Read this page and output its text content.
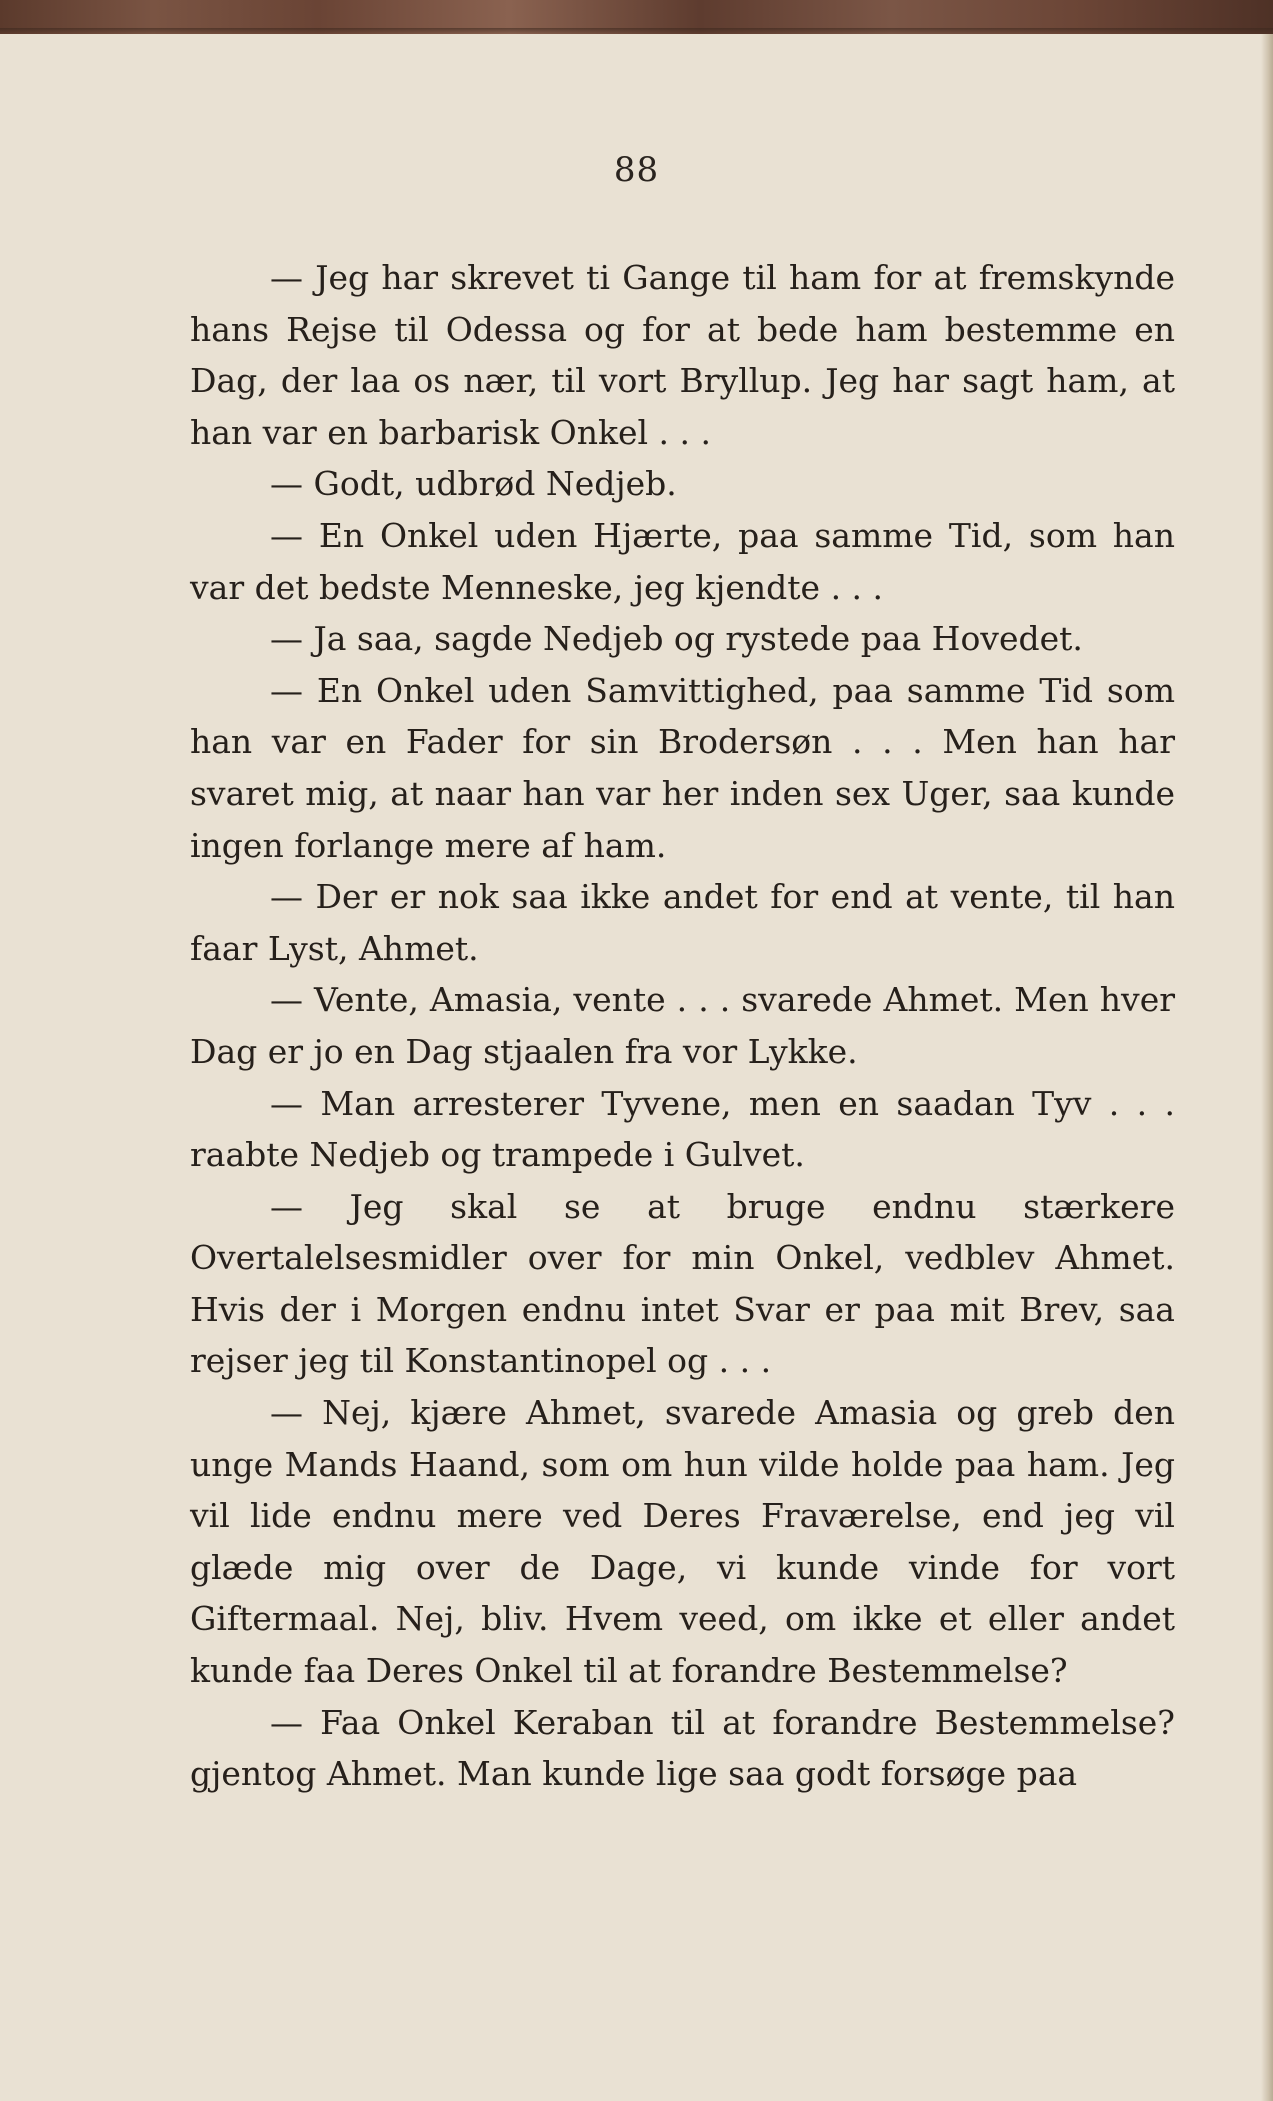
88

— Jeg har skrevet ti Gange til ham for at fremskynde hans Rejse til Odessa og for at bede ham bestemme en Dag, der laa os nær, til vort Bryllup. Jeg har sagt ham, at han var en barbarisk Onkel . . .

— Godt, udbrød Nedjeb.

— En Onkel uden Hjærte, paa samme Tid, som han var det bedste Menneske, jeg kjendte . . .

— Ja saa, sagde Nedjeb og rystede paa Hovedet.

— En Onkel uden Samvittighed, paa samme Tid som han var en Fader for sin Brodersøn . . . Men han har svaret mig, at naar han var her inden sex Uger, saa kunde ingen forlange mere af ham.

— Der er nok saa ikke andet for end at vente, til han faar Lyst, Ahmet.

— Vente, Amasia, vente . . . svarede Ahmet. Men hver Dag er jo en Dag stjaalen fra vor Lykke.

— Man arresterer Tyvene, men en saadan Tyv . . . raabte Nedjeb og trampede i Gulvet.

— Jeg skal se at bruge endnu stærkere Overtalelsesmidler over for min Onkel, vedblev Ahmet. Hvis der i Morgen endnu intet Svar er paa mit Brev, saa rejser jeg til Konstantinopel og . . .

— Nej, kjære Ahmet, svarede Amasia og greb den unge Mands Haand, som om hun vilde holde paa ham. Jeg vil lide endnu mere ved Deres Fraværelse, end jeg vil glæde mig over de Dage, vi kunde vinde for vort Giftermaal. Nej, bliv. Hvem veed, om ikke et eller andet kunde faa Deres Onkel til at forandre Bestemmelse?

— Faa Onkel Keraban til at forandre Bestemmelse? gjentog Ahmet. Man kunde lige saa godt forsøge paa
